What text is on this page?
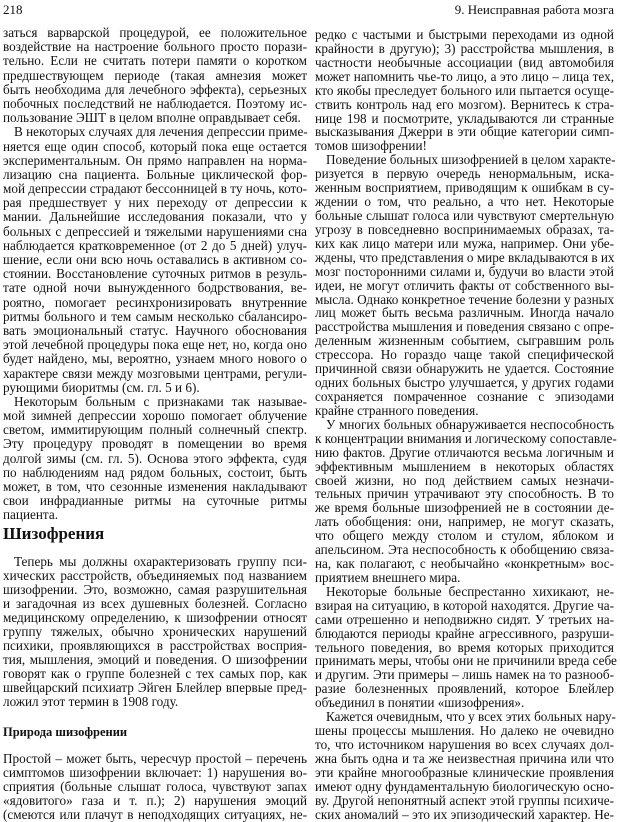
218	9. Неисправная работа мозга
заться варварской процедурой, ее положительное
воздействие на настроение больного просто порази-
тельно. Если не считать потери памяти о коротком
предшествующем периоде (такая амнезия может
быть необходима для лечебного эффекта), серьезных
побочных последствий не наблюдается. Поэтому ис-
пользование ЭШТ в целом вполне оправдывает себя.
В некоторых случаях для лечения депрессии приме-
няется еще один способ, который пока еще остается
экспериментальным. Он прямо направлен на норма-
лизацию сна пациента. Больные циклической фор-
мой депрессии страдают бессонницей в ту ночь, кото-
рая предшествует у них переходу от депрессии к
мании. Дальнейшие исследования показали, что у
больных с депрессией и тяжелыми нарушениями сна
наблюдается кратковременное (от 2 до 5 дней) улуч-
шение, если они всю ночь оставались в активном со-
стоянии. Восстановление суточных ритмов в резуль-
тате одной ночи вынужденного бодрствования, ве-
роятно, помогает ресинхронизировать внутренние
ритмы больного и тем самым несколько сбалансиро-
вать эмоциональный статус. Научного обоснования
этой лечебной процедуры пока еще нет, но, когда оно
будет найдено, мы, вероятно, узнаем много нового о
характере связи между мозговыми центрами, регули-
рующими биоритмы (см. гл. 5 и 6).
Некоторым больным с признаками так называе-
мой зимней депрессии хорошо помогает облучение
светом, иммитирующим полный солнечный спектр.
Эту процедуру проводят в помещении во время
долгой зимы (см. гл. 5). Основа этого эффекта, судя
по наблюдениям над рядом больных, состоит, быть
может, в том, что сезонные изменения накладывают
свои инфрадианные ритмы на суточные ритмы
пациента.
Шизофрения
Теперь мы должны охарактеризовать группу пси-
хических расстройств, объединяемых под названием
шизофрении. Это, возможно, самая разрушительная
и загадочная из всех душевных болезней. Согласно
медицинскому определению, к шизофрении относят
группу тяжелых, обычно хронических нарушений
психики, проявляющихся в расстройствах восприя-
тия, мышления, эмоций и поведения. О шизофрении
говорят как о группе болезней с тех самых пор, как
швейцарский психиатр Эйген Блейлер впервые пред-
ложил этот термин в 1908 году.
Природа шизофрении
Простой – может быть, чересчур простой – перечень
симптомов шизофрении включает: 1) нарушения во-
сприятия (больные слышат голоса, чувствуют запах
«ядовитого» газа и т. п.); 2) нарушения эмоций
(смеются или плачут в неподходящих ситуациях, не-
редко с частыми и быстрыми переходами из одной
крайности в другую); 3) расстройства мышления, в
частности необычные ассоциации (вид автомобиля
может напомнить чье-то лицо, а это лицо – лица тех,
кто якобы преследует больного или пытается осуще-
ствить контроль над его мозгом). Вернитесь к стра-
нице 198 и посмотрите, укладываются ли странные
высказывания Джерри в эти общие категории симп-
томов шизофрении!
Поведение больных шизофренией в целом характе-
ризуется в первую очередь ненормальным, иска-
женным восприятием, приводящим к ошибкам в су-
ждении о том, что реально, а что нет. Некоторые
больные слышат голоса или чувствуют смертельную
угрозу в повседневно воспринимаемых образах, та-
ких как лицо матери или мужа, например. Они убе-
ждены, что представления о мире вкладываются в их
мозг посторонними силами и, будучи во власти этой
идеи, не могут отличить факты от собственного вы-
мысла. Однако конкретное течение болезни у разных
лиц может быть весьма различным. Иногда начало
расстройства мышления и поведения связано с опре-
деленным жизненным событием, сыгравшим роль
стрессора. Но гораздо чаще такой специфической
причинной связи обнаружить не удается. Состояние
одних больных быстро улучшается, у других годами
сохраняется помраченное сознание с эпизодами
крайне странного поведения.
У многих больных обнаруживается неспособность
к концентрации внимания и логическому сопоставле-
нию фактов. Другие отличаются весьма логичным и
эффективным мышлением в некоторых областях
своей жизни, но под действием самых незначи-
тельных причин утрачивают эту способность. В то
же время больные шизофренией не в состоянии де-
лать обобщения: они, например, не могут сказать,
что общего между столом и стулом, яблоком и
апельсином. Эта неспособность к обобщению связа-
на, как полагают, с необычайно «конкретным» вос-
приятием внешнего мира.
Некоторые больные беспрестанно хихикают, не-
взирая на ситуацию, в которой находятся. Другие ча-
сами отрешенно и неподвижно сидят. У третьих на-
блюдаются периоды крайне агрессивного, разруши-
тельного поведения, во время которых приходится
принимать меры, чтобы они не причинили вреда себе
и другим. Эти примеры – лишь намек на то разнооб-
разие болезненных проявлений, которое Блейлер
объединил в понятии «шизофрения».
Кажется очевидным, что у всех этих больных нару-
шены процессы мышления. Но далеко не очевидно
то, что источником нарушения во всех случаях дол-
жна быть одна и та же неизвестная причина или что
эти крайне многообразные клинические проявления
имеют одну фундаментальную биологическую осно-
ву. Другой непонятный аспект этой группы психиче-
ских аномалий – это их эпизодический характер. Не-
